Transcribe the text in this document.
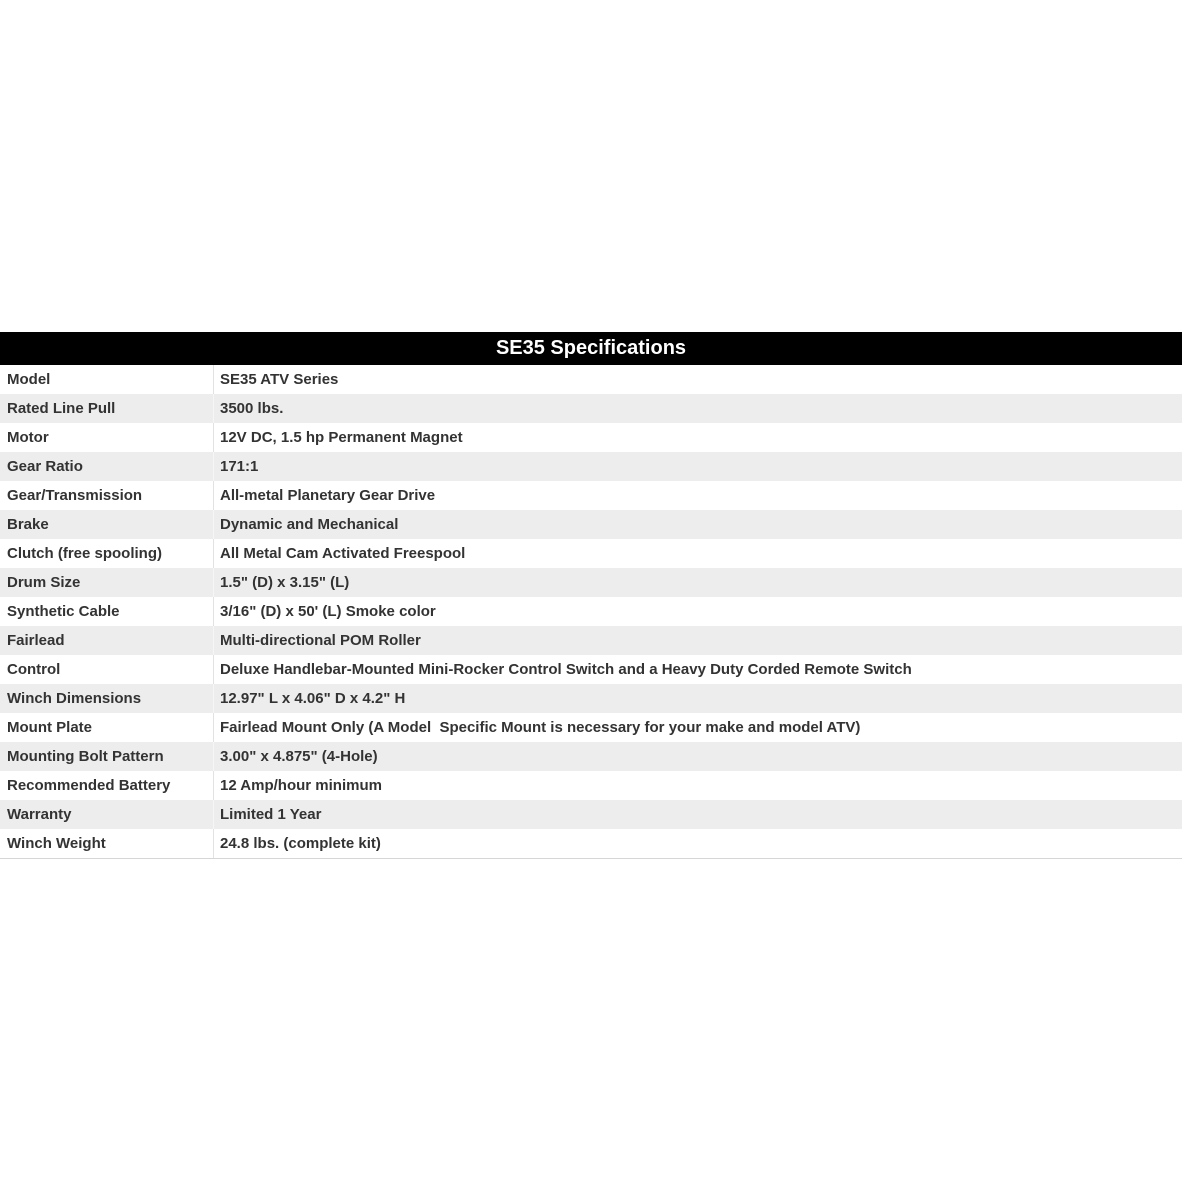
SE35 Specifications
Model	SE35 ATV Series
Rated Line Pull	3500 lbs.
Motor	12V DC, 1.5 hp Permanent Magnet
Gear Ratio	171:1
Gear/Transmission	All-metal Planetary Gear Drive
Brake	Dynamic and Mechanical
Clutch (free spooling)	All Metal Cam Activated Freespool
Drum Size	1.5" (D) x 3.15" (L)
Synthetic Cable	3/16" (D) x 50' (L) Smoke color
Fairlead	Multi-directional POM Roller
Control	Deluxe Handlebar-Mounted Mini-Rocker Control Switch and a Heavy Duty Corded Remote Switch
Winch Dimensions	12.97" L x 4.06" D x 4.2" H
Mount Plate	Fairlead Mount Only (A Model  Specific Mount is necessary for your make and model ATV)
Mounting Bolt Pattern	3.00" x 4.875" (4-Hole)
Recommended Battery	12 Amp/hour minimum
Warranty	Limited 1 Year
Winch Weight	24.8 lbs. (complete kit)
